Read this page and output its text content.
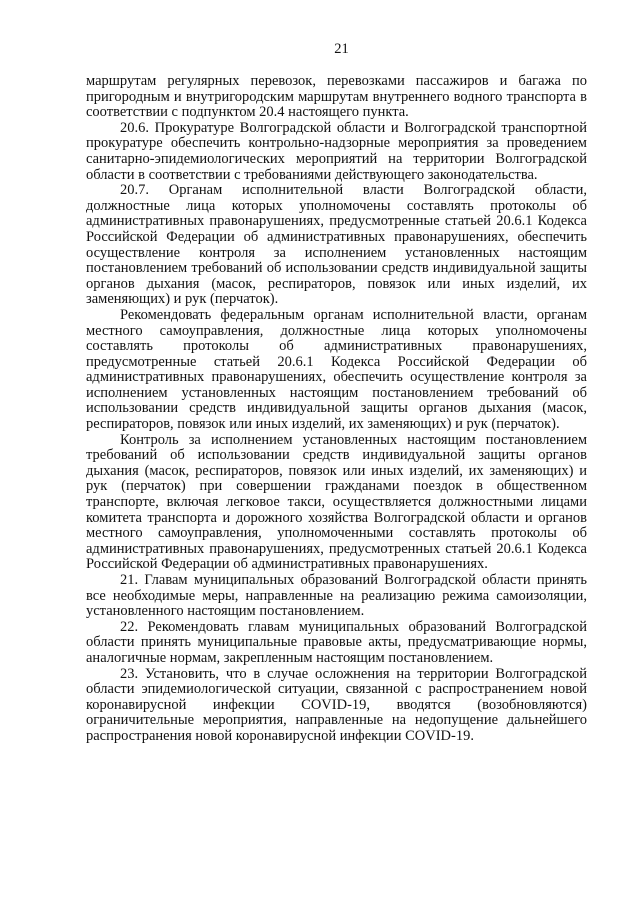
21

маршрутам регулярных перевозок, перевозками пассажиров и багажа по пригородным и внутригородским маршрутам внутреннего водного транспорта в соответствии с подпунктом 20.4 настоящего пункта.

20.6. Прокуратуре Волгоградской области и Волгоградской транспортной прокуратуре обеспечить контрольно-надзорные мероприятия за проведением санитарно-эпидемиологических мероприятий на территории Волгоградской области в соответствии с требованиями действующего законодательства.

20.7. Органам исполнительной власти Волгоградской области, должностные лица которых уполномочены составлять протоколы об административных правонарушениях, предусмотренные статьей 20.6.1 Кодекса Российской Федерации об административных правонарушениях, обеспечить осуществление контроля за исполнением установленных настоящим постановлением требований об использовании средств индивидуальной защиты органов дыхания (масок, респираторов, повязок или иных изделий, их заменяющих) и рук (перчаток).

Рекомендовать федеральным органам исполнительной власти, органам местного самоуправления, должностные лица которых уполномочены составлять протоколы об административных правонарушениях, предусмотренные статьей 20.6.1 Кодекса Российской Федерации об административных правонарушениях, обеспечить осуществление контроля за исполнением установленных настоящим постановлением требований об использовании средств индивидуальной защиты органов дыхания (масок, респираторов, повязок или иных изделий, их заменяющих) и рук (перчаток).

Контроль за исполнением установленных настоящим постановлением требований об использовании средств индивидуальной защиты органов дыхания (масок, респираторов, повязок или иных изделий, их заменяющих) и рук (перчаток) при совершении гражданами поездок в общественном транспорте, включая легковое такси, осуществляется должностными лицами комитета транспорта и дорожного хозяйства Волгоградской области и органов местного самоуправления, уполномоченными составлять протоколы об административных правонарушениях, предусмотренных статьей 20.6.1 Кодекса Российской Федерации об административных правонарушениях.

21. Главам муниципальных образований Волгоградской области принять все необходимые меры, направленные на реализацию режима самоизоляции, установленного настоящим постановлением.

22. Рекомендовать главам муниципальных образований Волгоградской области принять муниципальные правовые акты, предусматривающие нормы, аналогичные нормам, закрепленным настоящим постановлением.

23. Установить, что в случае осложнения на территории Волгоградской области эпидемиологической ситуации, связанной с распространением новой коронавирусной инфекции COVID-19, вводятся (возобновляются) ограничительные мероприятия, направленные на недопущение дальнейшего распространения новой коронавирусной инфекции COVID-19.
